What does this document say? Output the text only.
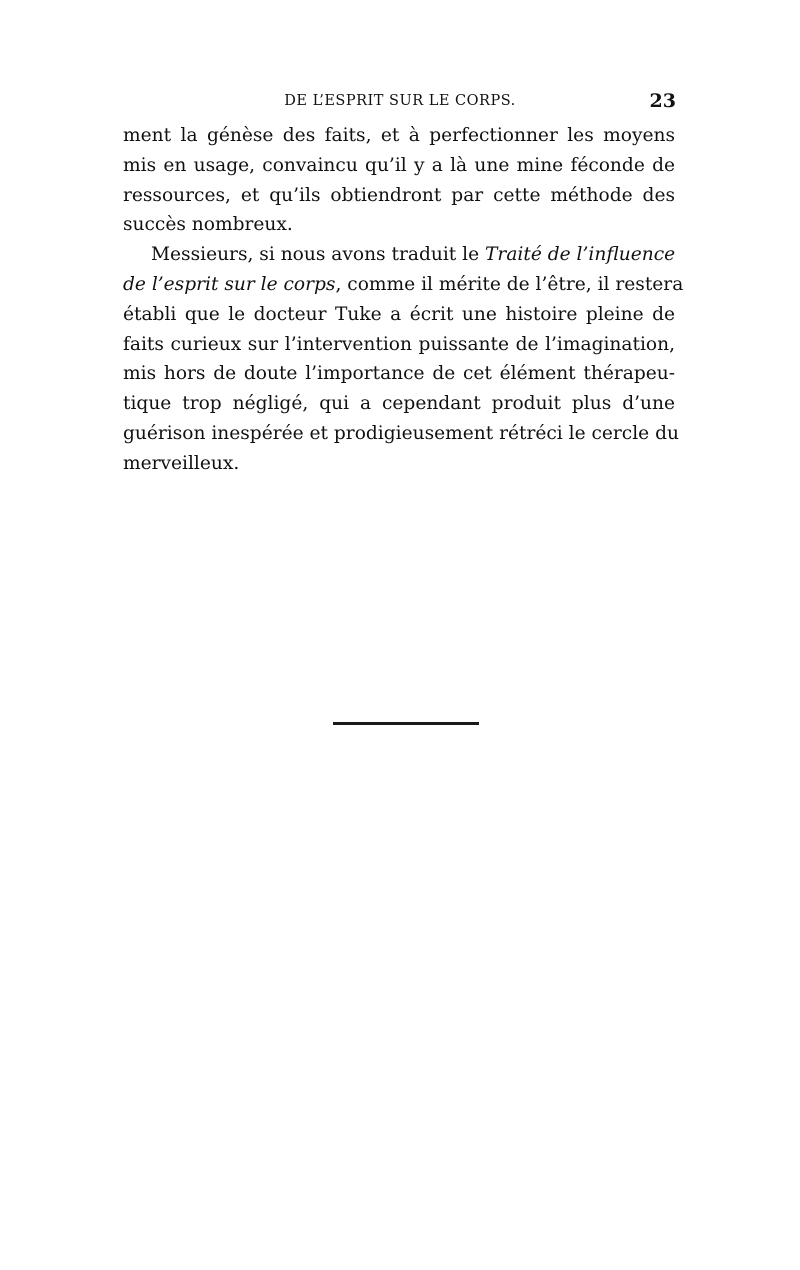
DE L’ESPRIT SUR LE CORPS.	23
ment la génèse des faits, et à perfectionner les moyens
mis en usage, convaincu qu’il y a là une mine féconde de
ressources, et qu’ils obtiendront par cette méthode des
succès nombreux.
Messieurs, si nous avons traduit le Traité de l’influence
de l’esprit sur le corps, comme il mérite de l’être, il restera
établi que le docteur Tuke a écrit une histoire pleine de
faits curieux sur l’intervention puissante de l’imagination,
mis hors de doute l’importance de cet élément thérapeu-
tique trop négligé, qui a cependant produit plus d’une
guérison inespérée et prodigieusement rétréci le cercle du
merveilleux.
